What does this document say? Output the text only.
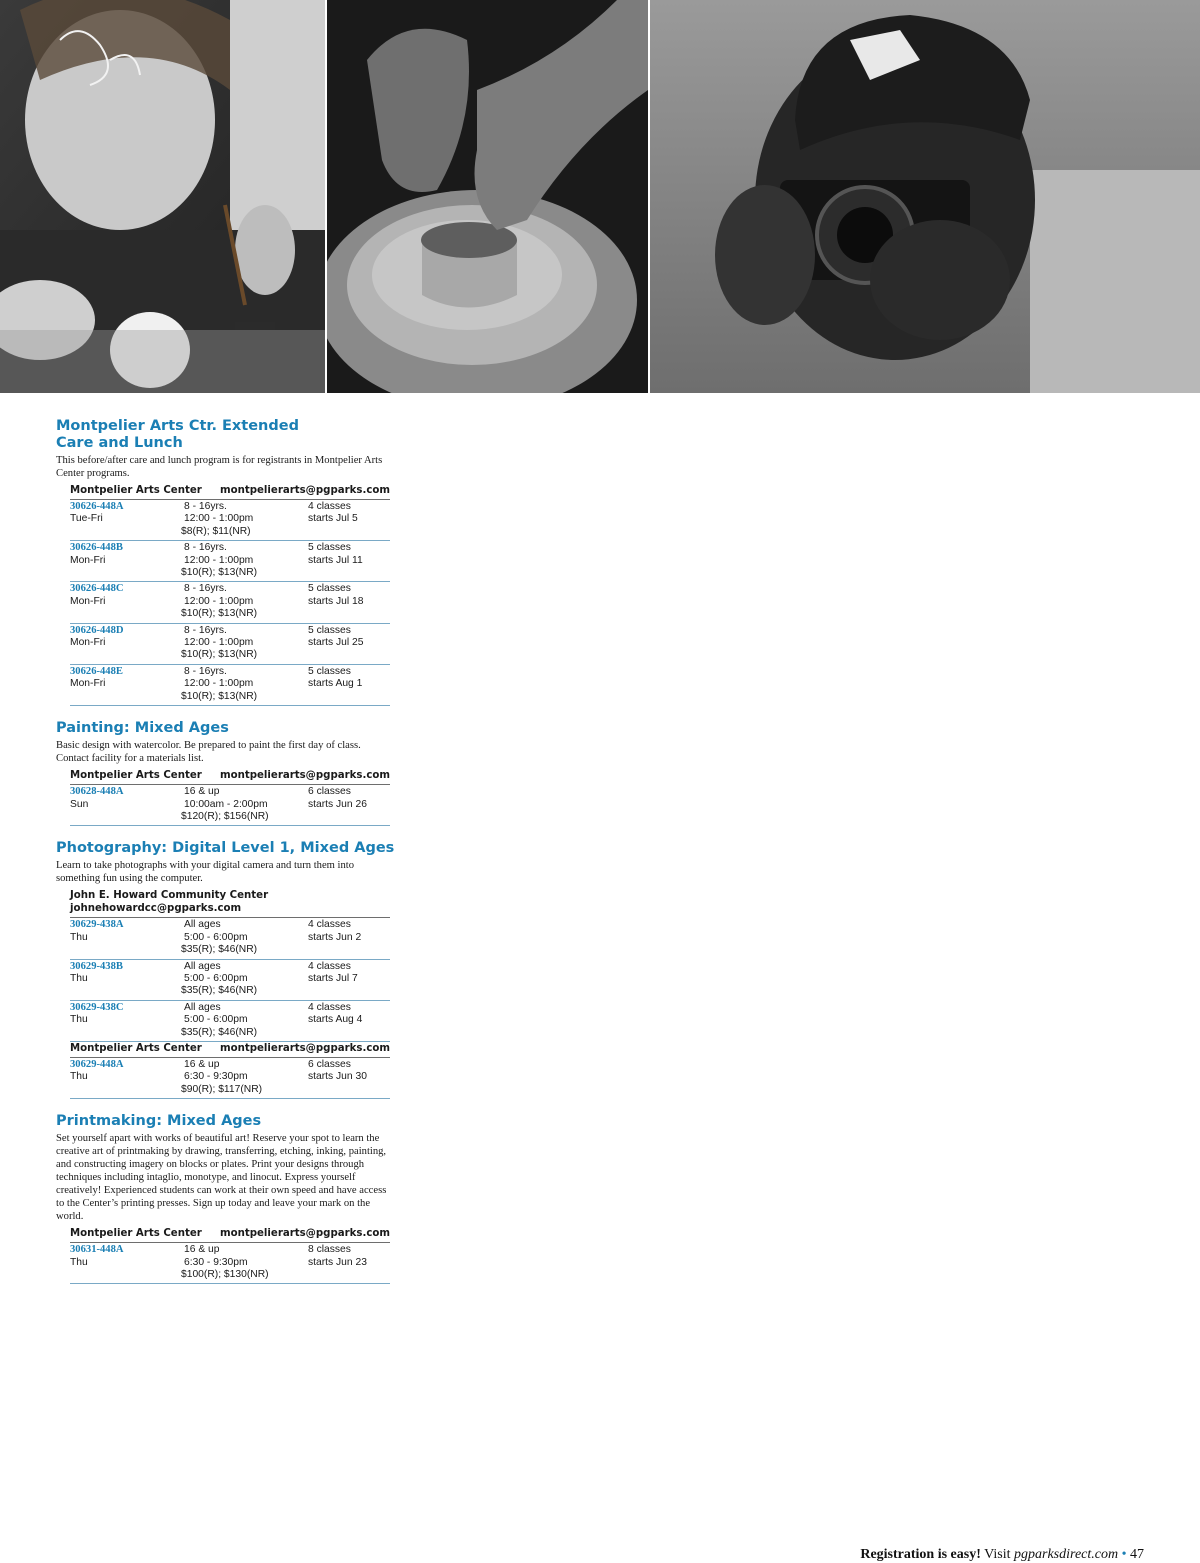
Montpelier Arts Ctr. Extended
Care and Lunch
This before/after care and lunch program is for registrants in Montpelier Arts Center programs.
Montpelier Arts Center montpelierarts@pgparks.com
30626-448A	8 - 16yrs.	4 classes
Tue-Fri	12:00 - 1:00pm	starts Jul 5
$8(R); $11(NR)
30626-448B	8 - 16yrs.	5 classes
Mon-Fri	12:00 - 1:00pm	starts Jul 11
$10(R); $13(NR)
30626-448C	8 - 16yrs.	5 classes
Mon-Fri	12:00 - 1:00pm	starts Jul 18
$10(R); $13(NR)
30626-448D	8 - 16yrs.	5 classes
Mon-Fri	12:00 - 1:00pm	starts Jul 25
$10(R); $13(NR)
30626-448E	8 - 16yrs.	5 classes
Mon-Fri	12:00 - 1:00pm	starts Aug 1
$10(R); $13(NR)
Painting: Mixed Ages
Basic design with watercolor. Be prepared to paint the first day of class. Contact facility for a materials list.
Montpelier Arts Center montpelierarts@pgparks.com
30628-448A	16 & up	6 classes
Sun	10:00am - 2:00pm	starts Jun 26
$120(R); $156(NR)
Photography: Digital Level 1, Mixed Ages
Learn to take photographs with your digital camera and turn them into something fun using the computer.
John E. Howard Community Center
johnehowardcc@pgparks.com
30629-438A	All ages	4 classes
Thu	5:00 - 6:00pm	starts Jun 2
$35(R); $46(NR)
30629-438B	All ages	4 classes
Thu	5:00 - 6:00pm	starts Jul 7
$35(R); $46(NR)
30629-438C	All ages	4 classes
Thu	5:00 - 6:00pm	starts Aug 4
$35(R); $46(NR)
Montpelier Arts Center montpelierarts@pgparks.com
30629-448A	16 & up	6 classes
Thu	6:30 - 9:30pm	starts Jun 30
$90(R); $117(NR)
Printmaking: Mixed Ages
Set yourself apart with works of beautiful art! Reserve your spot to learn the creative art of printmaking by drawing, transferring, etching, inking, painting, and constructing imagery on blocks or plates. Print your designs through techniques including intaglio, monotype, and linocut. Express yourself creatively! Experienced students can work at their own speed and have access to the Center’s printing presses. Sign up today and leave your mark on the world.
Montpelier Arts Center montpelierarts@pgparks.com
30631-448A	16 & up	8 classes
Thu	6:30 - 9:30pm	starts Jun 23
$100(R); $130(NR)
Registration is easy! Visit pgparksdirect.com • 47
